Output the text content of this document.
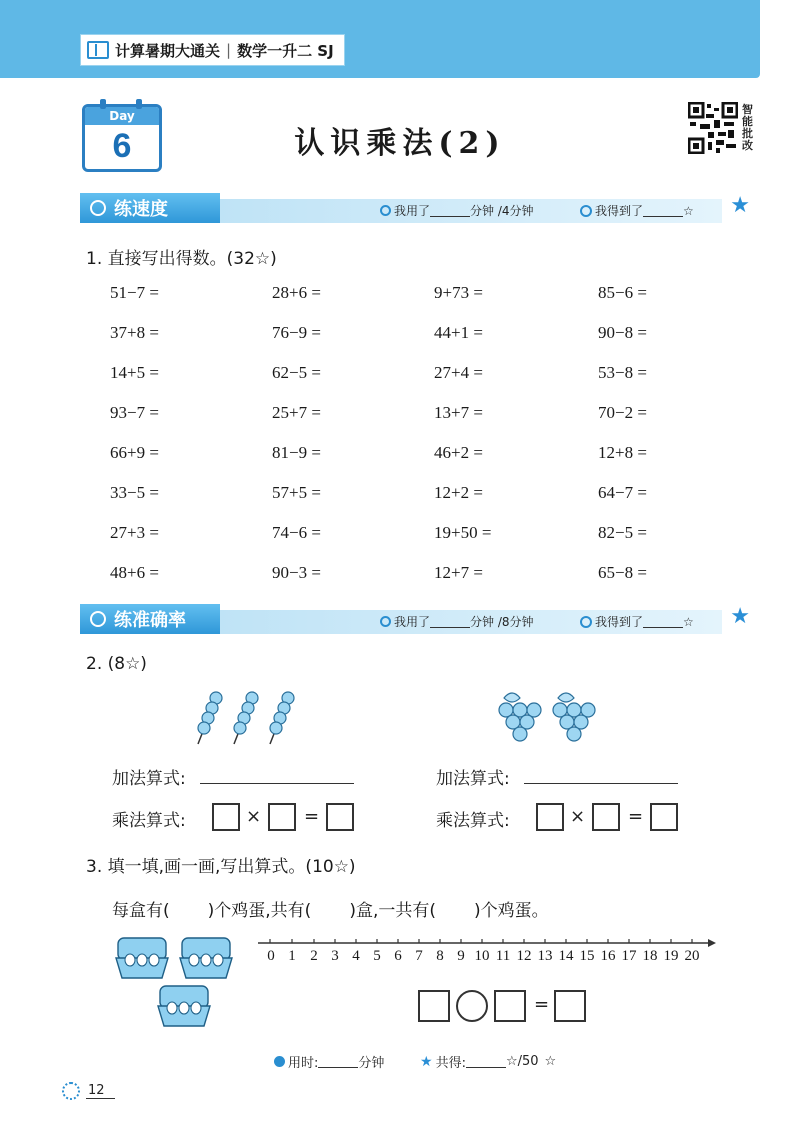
计算暑期大通关 | 数学一升二 SJ
Day
6	认识乘法(2)
智
能
批
改
练速度	我用了	分钟 /4分钟	我得到了	☆ ★
1. 直接写出得数。(32☆)
51−7 =	28+6 =	9+73 =	85−6 =
37+8 =	76−9 =	44+1 =	90−8 =
14+5 =	62−5 =	27+4 =	53−8 =
93−7 =	25+7 =	13+7 =	70−2 =
66+9 =	81−9 =	46+2 =	12+8 =
33−5 =	57+5 =	12+2 =	64−7 =
27+3 =	74−6 =	19+50 =	82−5 =
48+6 =	90−3 =	12+7 =	65−8 =
练准确率	我用了	分钟 /8分钟	我得到了	☆ ★
2. (8☆)
加法算式:
乘法算式:	× =
加法算式:
乘法算式:	× =
3. 填一填,画一画,写出算式。(10☆)
每盒有( )个鸡蛋,共有( )盒,一共有( )个鸡蛋。
0 1 2 3 4 5 6 7 8 9 10 11 12 13 14 15 16 17 18 19 20
=
用时:	分钟	★ 共得:	☆/50 ☆
12
